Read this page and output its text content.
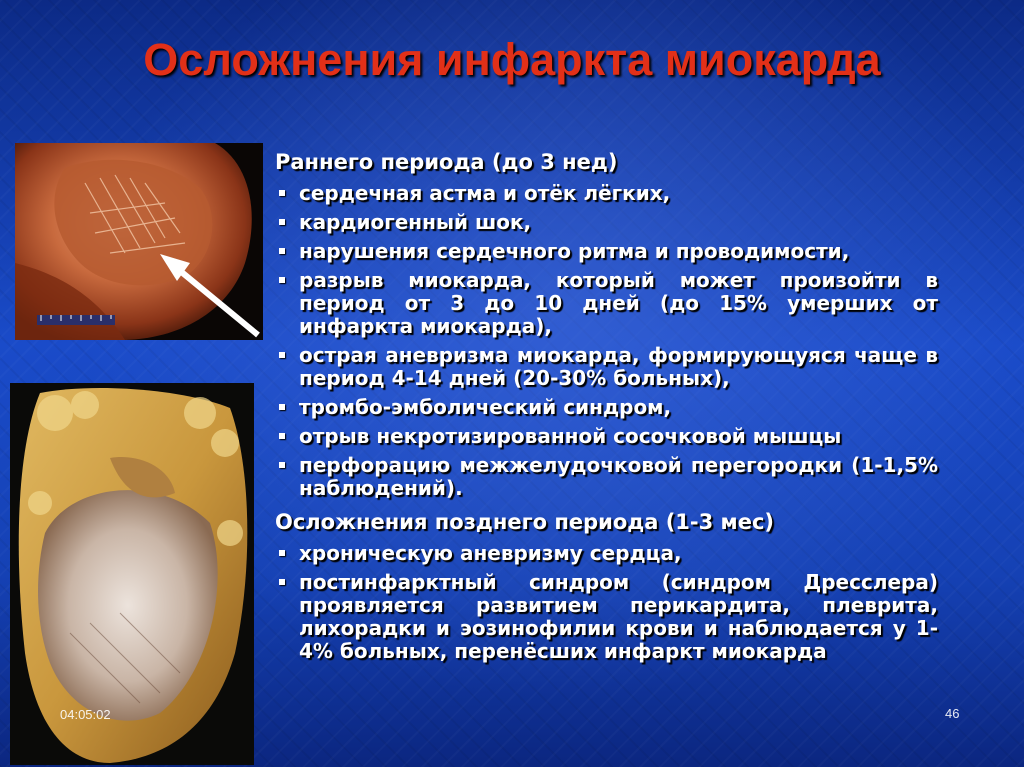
Осложнения инфаркта миокарда
Раннего периода (до 3 нед)
сердечная астма и отёк лёгких,
кардиогенный шок,
нарушения сердечного ритма и проводимости,
разрыв миокарда, который может произойти в период от 3 до 10 дней (до 15% умерших от инфаркта миокарда),
острая аневризма миокарда, формирующуяся чаще в период 4-14 дней (20-30% больных),
тромбо-эмболический синдром,
отрыв некротизированной сосочковой мышцы
перфорацию межжелудочковой перегородки (1-1,5% наблюдений).
Осложнения позднего периода (1-3 мес)
хроническую аневризму сердца,
постинфарктный синдром (синдром Дресслера) проявляется развитием перикардита, плеврита, лихорадки и эозинофилии крови и наблюдается у 1-4% больных, перенёсших инфаркт миокарда
04:05:02	46
